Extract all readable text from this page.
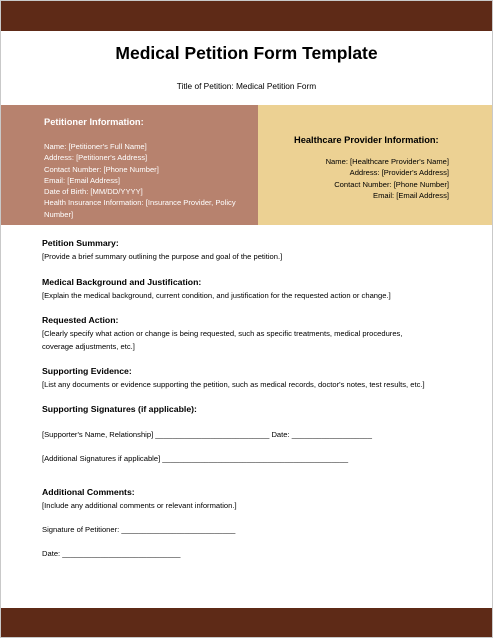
Medical Petition Form Template
Title of Petition: Medical Petition Form
Petitioner Information:
Name: [Petitioner's Full Name]
Address: [Petitioner's Address]
Contact Number: [Phone Number]
Email: [Email Address]
Date of Birth: [MM/DD/YYYY]
Health Insurance Information: [Insurance Provider, Policy
Number]
Healthcare Provider Information:
Name: [Healthcare Provider's Name]
Address: [Provider's Address]
Contact Number: [Phone Number]
Email: [Email Address]
Petition Summary:
[Provide a brief summary outlining the purpose and goal of the petition.]
Medical Background and Justification:
[Explain the medical background, current condition, and justification for the requested action or change.]
Requested Action:
[Clearly specify what action or change is being requested, such as specific treatments, medical procedures,
coverage adjustments, etc.]
Supporting Evidence:
[List any documents or evidence supporting the petition, such as medical records, doctor's notes, test results, etc.]
Supporting Signatures (if applicable):
[Supporter's Name, Relationship] ___________________________ Date: ___________________
[Additional Signatures if applicable] ____________________________________________
Additional Comments:
[Include any additional comments or relevant information.]
Signature of Petitioner: ___________________________
Date: ____________________________
